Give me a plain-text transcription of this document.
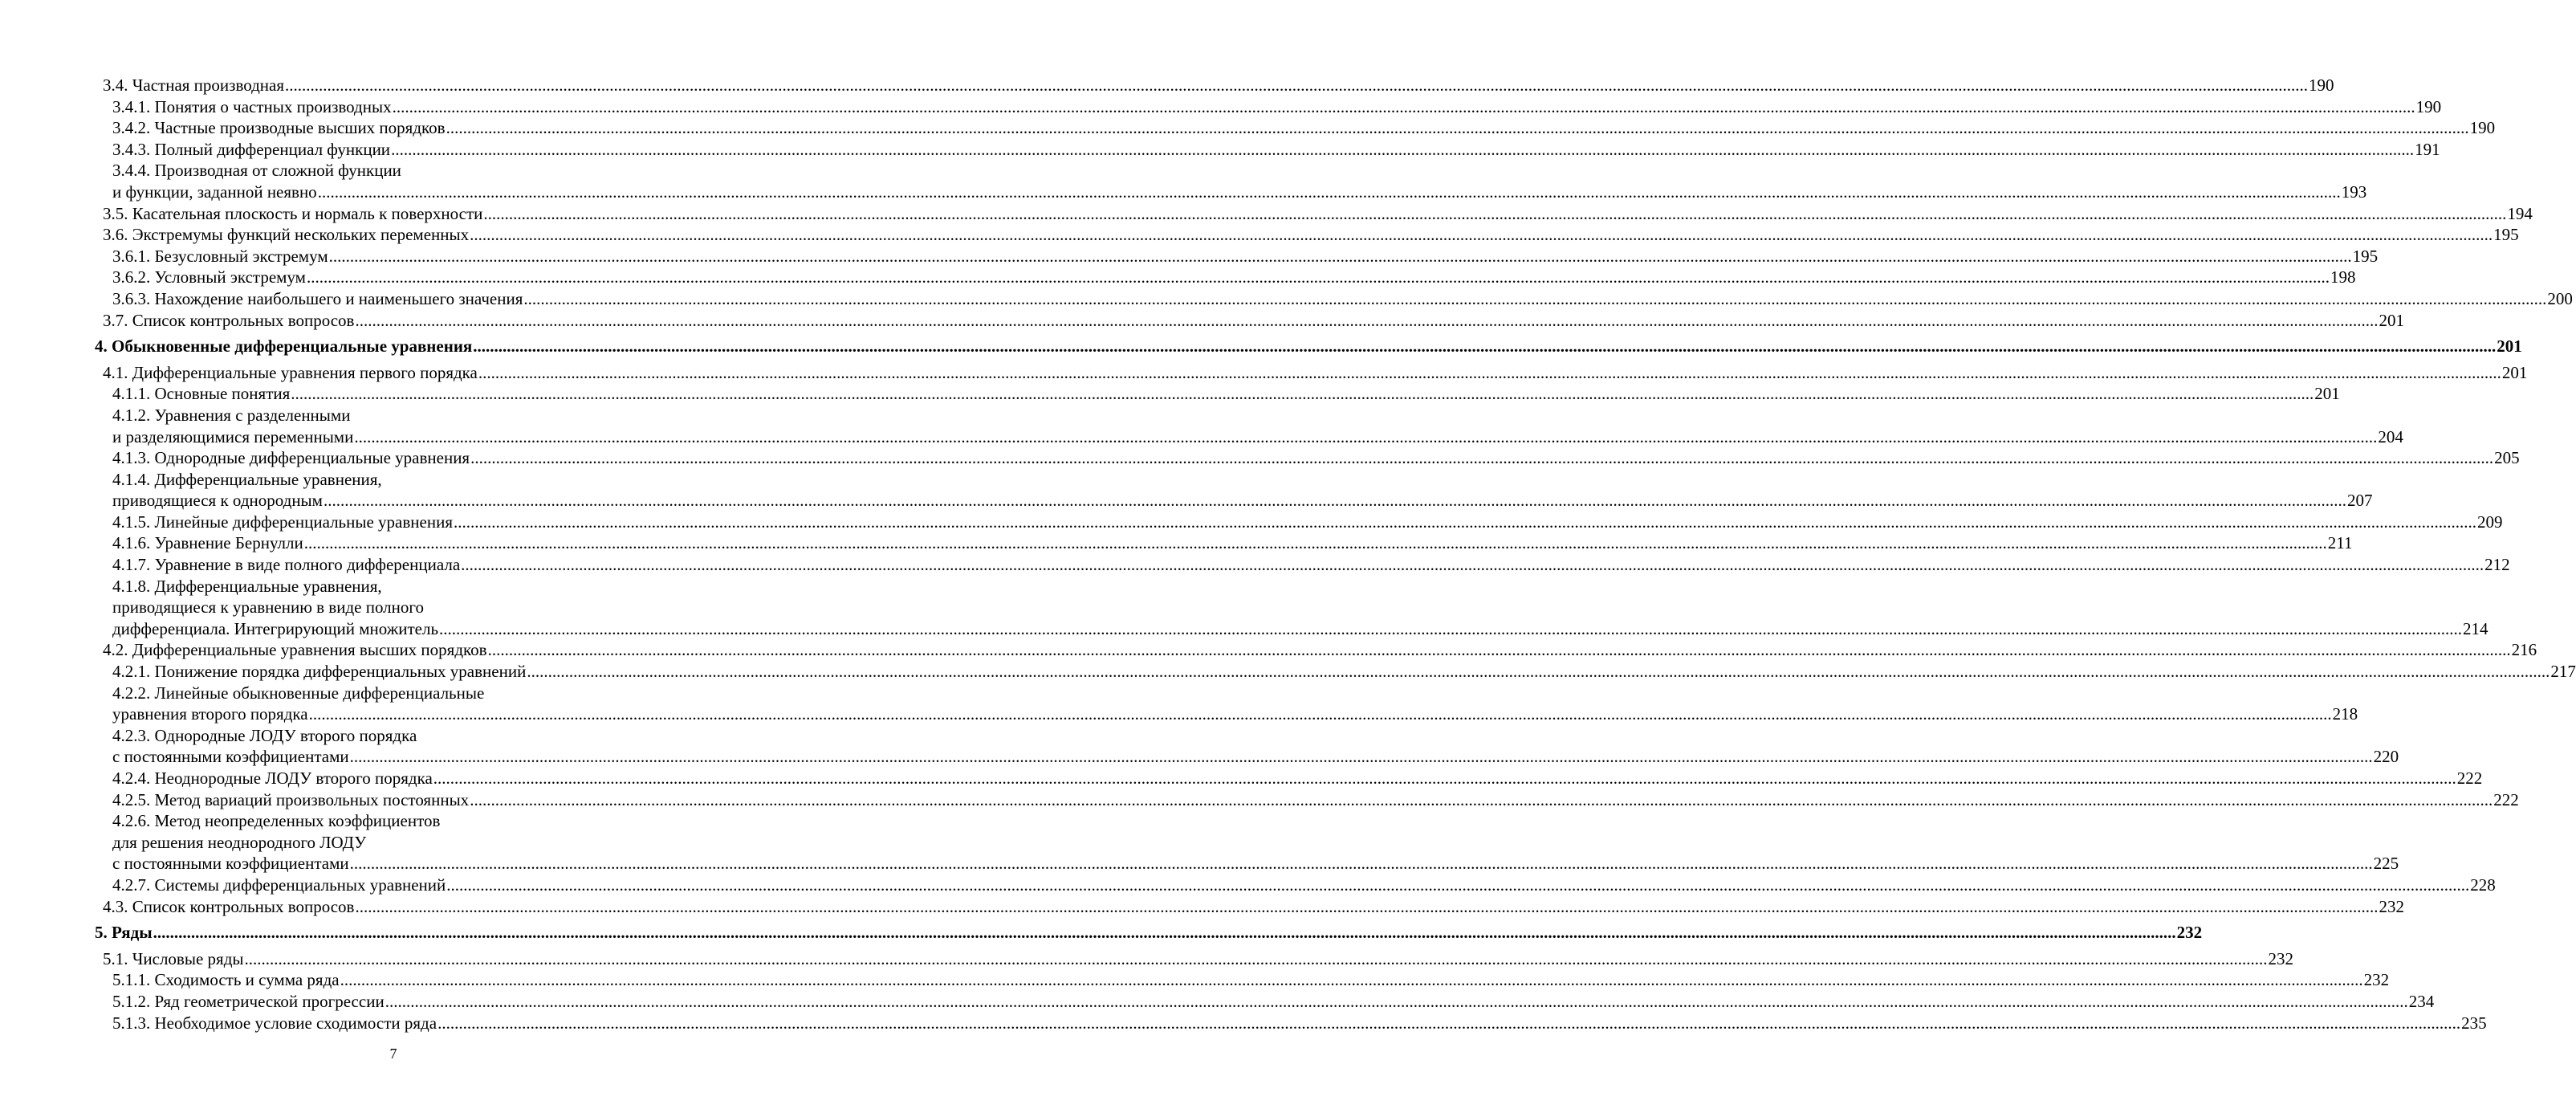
3.4. Частная производная .....	190
3.4.1. Понятия о частных производных .....	190
3.4.2. Частные производные высших порядков .....	190
3.4.3. Полный дифференциал функции .....	191
3.4.4. Производная от сложной функции
и функции, заданной неявно .....	193
3.5. Касательная плоскость и нормаль к поверхности .....	194
3.6. Экстремумы функций нескольких переменных .....	195
3.6.1. Безусловный экстремум .....	195
3.6.2. Условный экстремум .....	198
3.6.3. Нахождение наибольшего и наименьшего значения .....	200
3.7. Список контрольных вопросов .....	201
4. Обыкновенные дифференциальные уравнения .....	201
4.1. Дифференциальные уравнения первого порядка .....	201
4.1.1. Основные понятия .....	201
4.1.2. Уравнения с разделенными
и разделяющимися переменными .....	204
4.1.3. Однородные дифференциальные уравнения .....	205
4.1.4. Дифференциальные уравнения,
приводящиеся к однородным .....	207
4.1.5. Линейные дифференциальные уравнения .....	209
4.1.6. Уравнение Бернулли .....	211
4.1.7. Уравнение в виде полного дифференциала .....	212
4.1.8. Дифференциальные уравнения,
приводящиеся к уравнению в виде полного
дифференциала. Интегрирующий множитель .....	214
4.2. Дифференциальные уравнения высших порядков .....	216
4.2.1. Понижение порядка дифференциальных уравнений .....	217
4.2.2. Линейные обыкновенные дифференциальные
уравнения второго порядка .....	218
4.2.3. Однородные ЛОДУ второго порядка
с постоянными коэффициентами .....	220
4.2.4. Неоднородные ЛОДУ второго порядка .....	222
4.2.5. Метод вариаций произвольных постоянных .....	222
4.2.6. Метод неопределенных коэффициентов
для решения неоднородного ЛОДУ
с постоянными коэффициентами .....	225
4.2.7. Системы дифференциальных уравнений .....	228
4.3. Список контрольных вопросов .....	232
5. Ряды .....	232
5.1. Числовые ряды .....	232
5.1.1. Сходимость и сумма ряда .....	232
5.1.2. Ряд геометрической прогрессии .....	234
5.1.3. Необходимое условие сходимости ряда .....	235
7
